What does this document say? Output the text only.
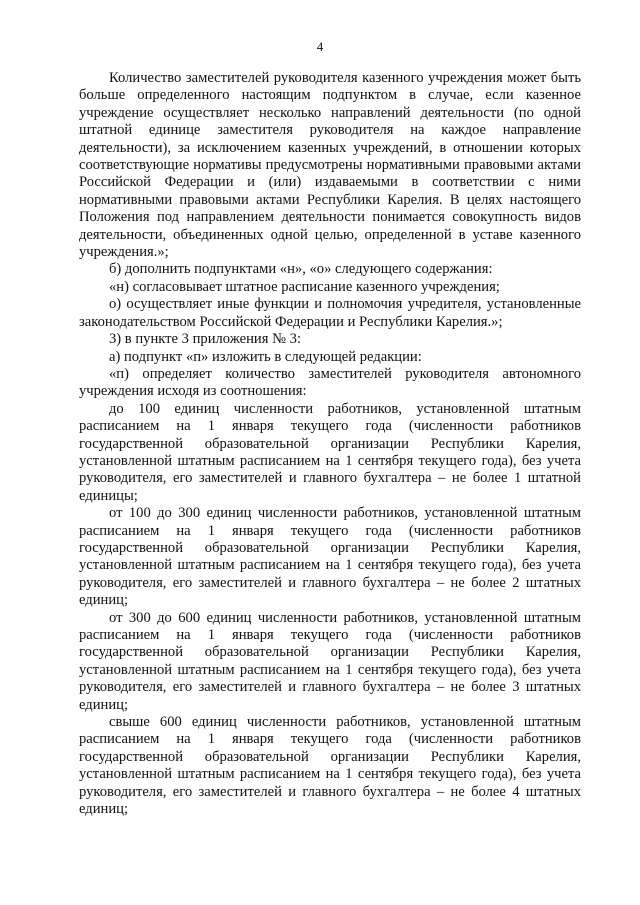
4

Количество заместителей руководителя казенного учреждения может быть больше определенного настоящим подпунктом в случае, если казенное учреждение осуществляет несколько направлений деятельности (по одной штатной единице заместителя руководителя на каждое направление деятельности), за исключением казенных учреждений, в отношении которых соответствующие нормативы предусмотрены нормативными правовыми актами Российской Федерации и (или) издаваемыми в соответствии с ними нормативными правовыми актами Республики Карелия. В целях настоящего Положения под направлением деятельности понимается совокупность видов деятельности, объединенных одной целью, определенной в уставе казенного учреждения.»;

б) дополнить подпунктами «н», «о» следующего содержания:

«н) согласовывает штатное расписание казенного учреждения;

о) осуществляет иные функции и полномочия учредителя, установленные законодательством Российской Федерации и Республики Карелия.»;

3) в пункте 3 приложения № 3:

а) подпункт «п» изложить в следующей редакции:

«п) определяет количество заместителей руководителя автономного учреждения исходя из соотношения:

до 100 единиц численности работников, установленной штатным расписанием на 1 января текущего года (численности работников государственной образовательной организации Республики Карелия, установленной штатным расписанием на 1 сентября текущего года), без учета руководителя, его заместителей и главного бухгалтера – не более 1 штатной единицы;

от 100 до 300 единиц численности работников, установленной штатным расписанием на 1 января текущего года (численности работников государственной образовательной организации Республики Карелия, установленной штатным расписанием на 1 сентября текущего года), без учета руководителя, его заместителей и главного бухгалтера – не более 2 штатных единиц;

от 300 до 600 единиц численности работников, установленной штатным расписанием на 1 января текущего года (численности работников государственной образовательной организации Республики Карелия, установленной штатным расписанием на 1 сентября текущего года), без учета руководителя, его заместителей и главного бухгалтера – не более 3 штатных единиц;

свыше 600 единиц численности работников, установленной штатным расписанием на 1 января текущего года (численности работников государственной образовательной организации Республики Карелия, установленной штатным расписанием на 1 сентября текущего года), без учета руководителя, его заместителей и главного бухгалтера – не более 4 штатных единиц;
